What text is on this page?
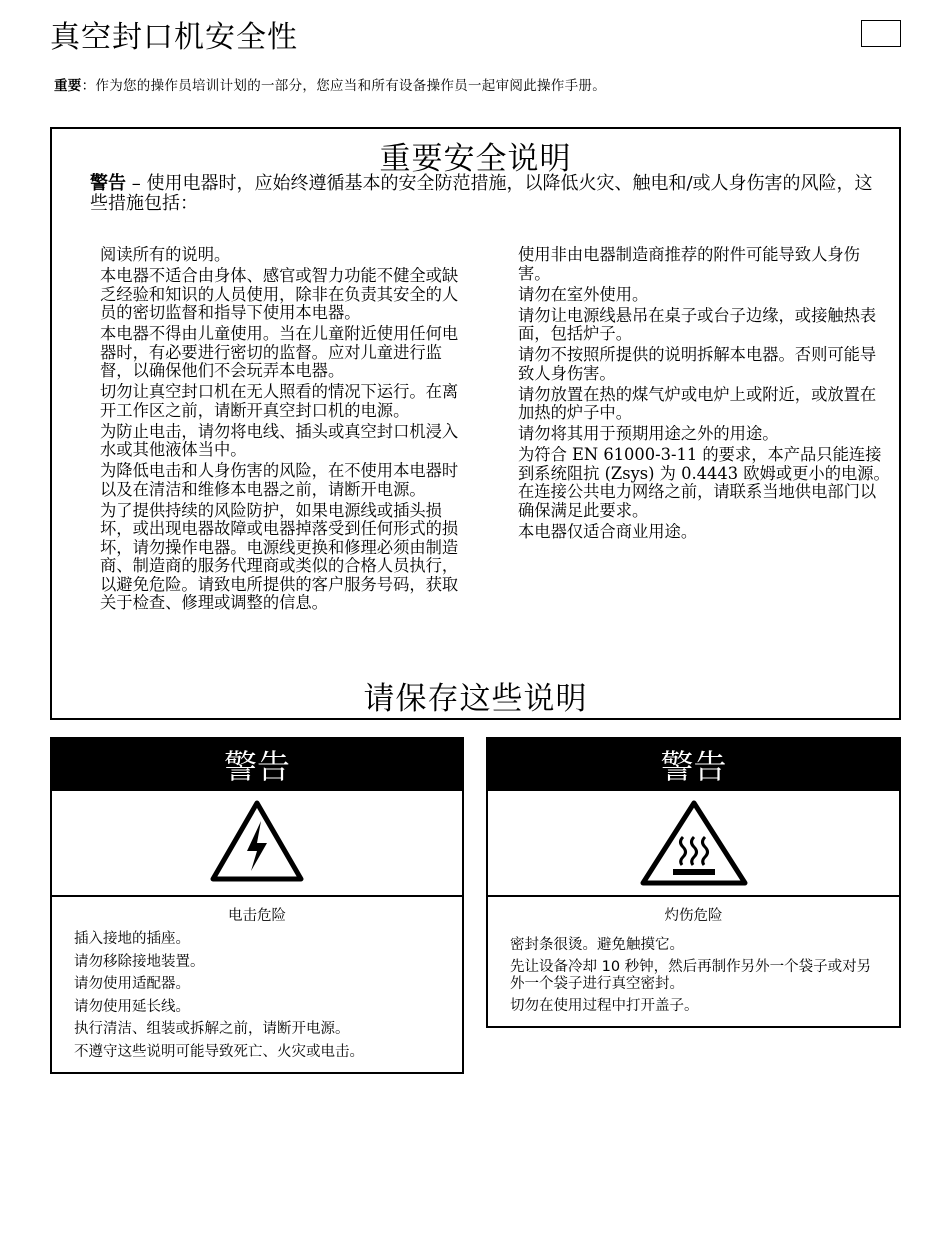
真空封口机安全性
重要：作为您的操作员培训计划的一部分，您应当和所有设备操作员一起审阅此操作手册。
重要安全说明
警告 – 使用电器时，应始终遵循基本的安全防范措施，以降低火灾、触电和/或人身伤害的风险，这些措施包括：

阅读所有的说明。

本电器不适合由身体、感官或智力功能不健全或缺乏经验和知识的人员使用，除非在负责其安全的人员的密切监督和指导下使用本电器。

本电器不得由儿童使用。当在儿童附近使用任何电器时，有必要进行密切的监督。应对儿童进行监督，以确保他们不会玩弄本电器。

切勿让真空封口机在无人照看的情况下运行。在离开工作区之前，请断开真空封口机的电源。

为防止电击，请勿将电线、插头或真空封口机浸入水或其他液体当中。

为降低电击和人身伤害的风险，在不使用本电器时以及在清洁和维修本电器之前，请断开电源。

为了提供持续的风险防护，如果电源线或插头损坏，或出现电器故障或电器掉落受到任何形式的损坏，请勿操作电器。电源线更换和修理必须由制造商、制造商的服务代理商或类似的合格人员执行，以避免危险。请致电所提供的客户服务号码，获取关于检查、修理或调整的信息。

使用非由电器制造商推荐的附件可能导致人身伤害。

请勿在室外使用。

请勿让电源线悬吊在桌子或台子边缘，或接触热表面，包括炉子。

请勿不按照所提供的说明拆解本电器。否则可能导致人身伤害。

请勿放置在热的煤气炉或电炉上或附近，或放置在加热的炉子中。

请勿将其用于预期用途之外的用途。

为符合 EN 61000-3-11 的要求，本产品只能连接到系统阻抗 (Zsys) 为 0.4443 欧姆或更小的电源。在连接公共电力网络之前，请联系当地供电部门以确保满足此要求。

本电器仅适合商业用途。

请保存这些说明
警告
电击危险
插入接地的插座。
请勿移除接地装置。
请勿使用适配器。
请勿使用延长线。
执行清洁、组装或拆解之前，请断开电源。
不遵守这些说明可能导致死亡、火灾或电击。
警告
灼伤危险
密封条很烫。避免触摸它。
先让设备冷却 10 秒钟，然后再制作另外一个袋子或对另外一个袋子进行真空密封。
切勿在使用过程中打开盖子。
